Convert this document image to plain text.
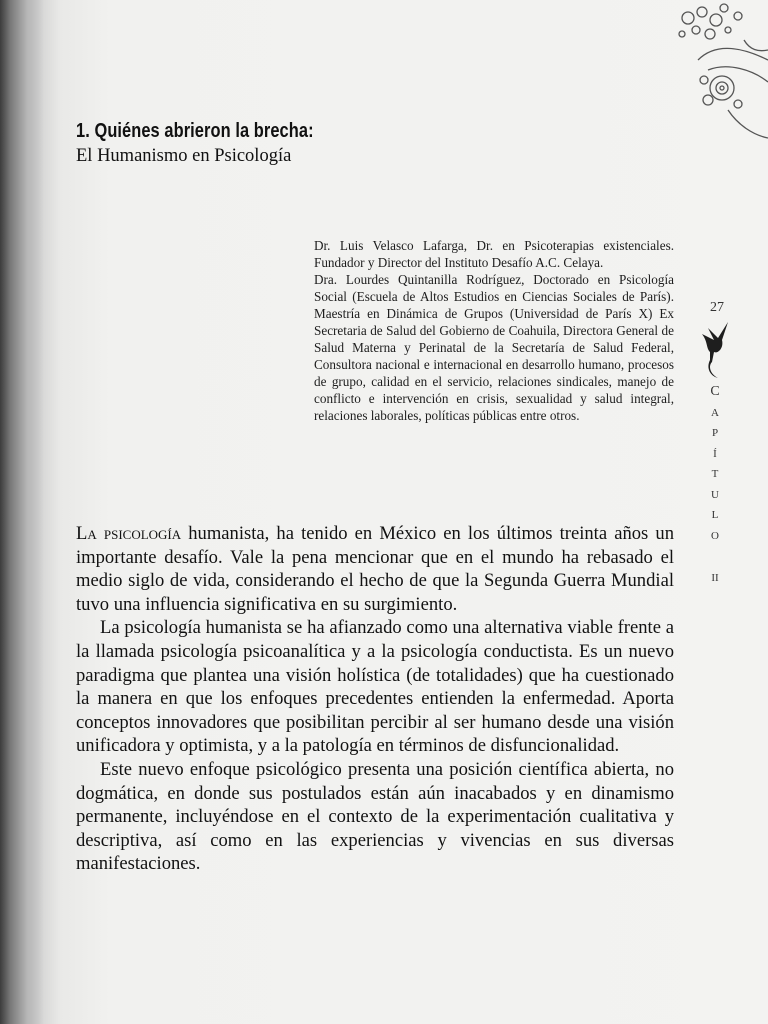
1. Quiénes abrieron la brecha:
El Humanismo en Psicología

Dr. Luis Velasco Lafarga, Dr. en Psicoterapias existenciales. Fundador y Director del Instituto Desafío A.C. Celaya.

Dra. Lourdes Quintanilla Rodríguez, Doctorado en Psicología Social (Escuela de Altos Estudios en Ciencias Sociales de París). Maestría en Dinámica de Grupos (Universidad de París X) Ex Secretaria de Salud del Gobierno de Coahuila, Directora General de Salud Materna y Perinatal de la Secretaría de Salud Federal, Consultora nacional e internacional en desarrollo humano, procesos de grupo, calidad en el servicio, relaciones sindicales, manejo de conflicto e intervención en crisis, sexualidad y salud integral, relaciones laborales, políticas públicas entre otros.

27
C
A
P
Í
T
U
L
O
II

La psicología humanista, ha tenido en México en los últimos treinta años un importante desafío. Vale la pena mencionar que en el mundo ha rebasado el medio siglo de vida, considerando el hecho de que la Segunda Guerra Mundial tuvo una influencia significativa en su surgimiento.

La psicología humanista se ha afianzado como una alternativa viable frente a la llamada psicología psicoanalítica y a la psicología conductista. Es un nuevo paradigma que plantea una visión holística (de totalidades) que ha cuestionado la manera en que los enfoques precedentes entienden la enfermedad. Aporta conceptos innovadores que posibilitan percibir al ser humano desde una visión unificadora y optimista, y a la patología en términos de disfuncionalidad.

Este nuevo enfoque psicológico presenta una posición científica abierta, no dogmática, en donde sus postulados están aún inacabados y en dinamismo permanente, incluyéndose en el contexto de la experimentación cualitativa y descriptiva, así como en las experiencias y vivencias en sus diversas manifestaciones.
